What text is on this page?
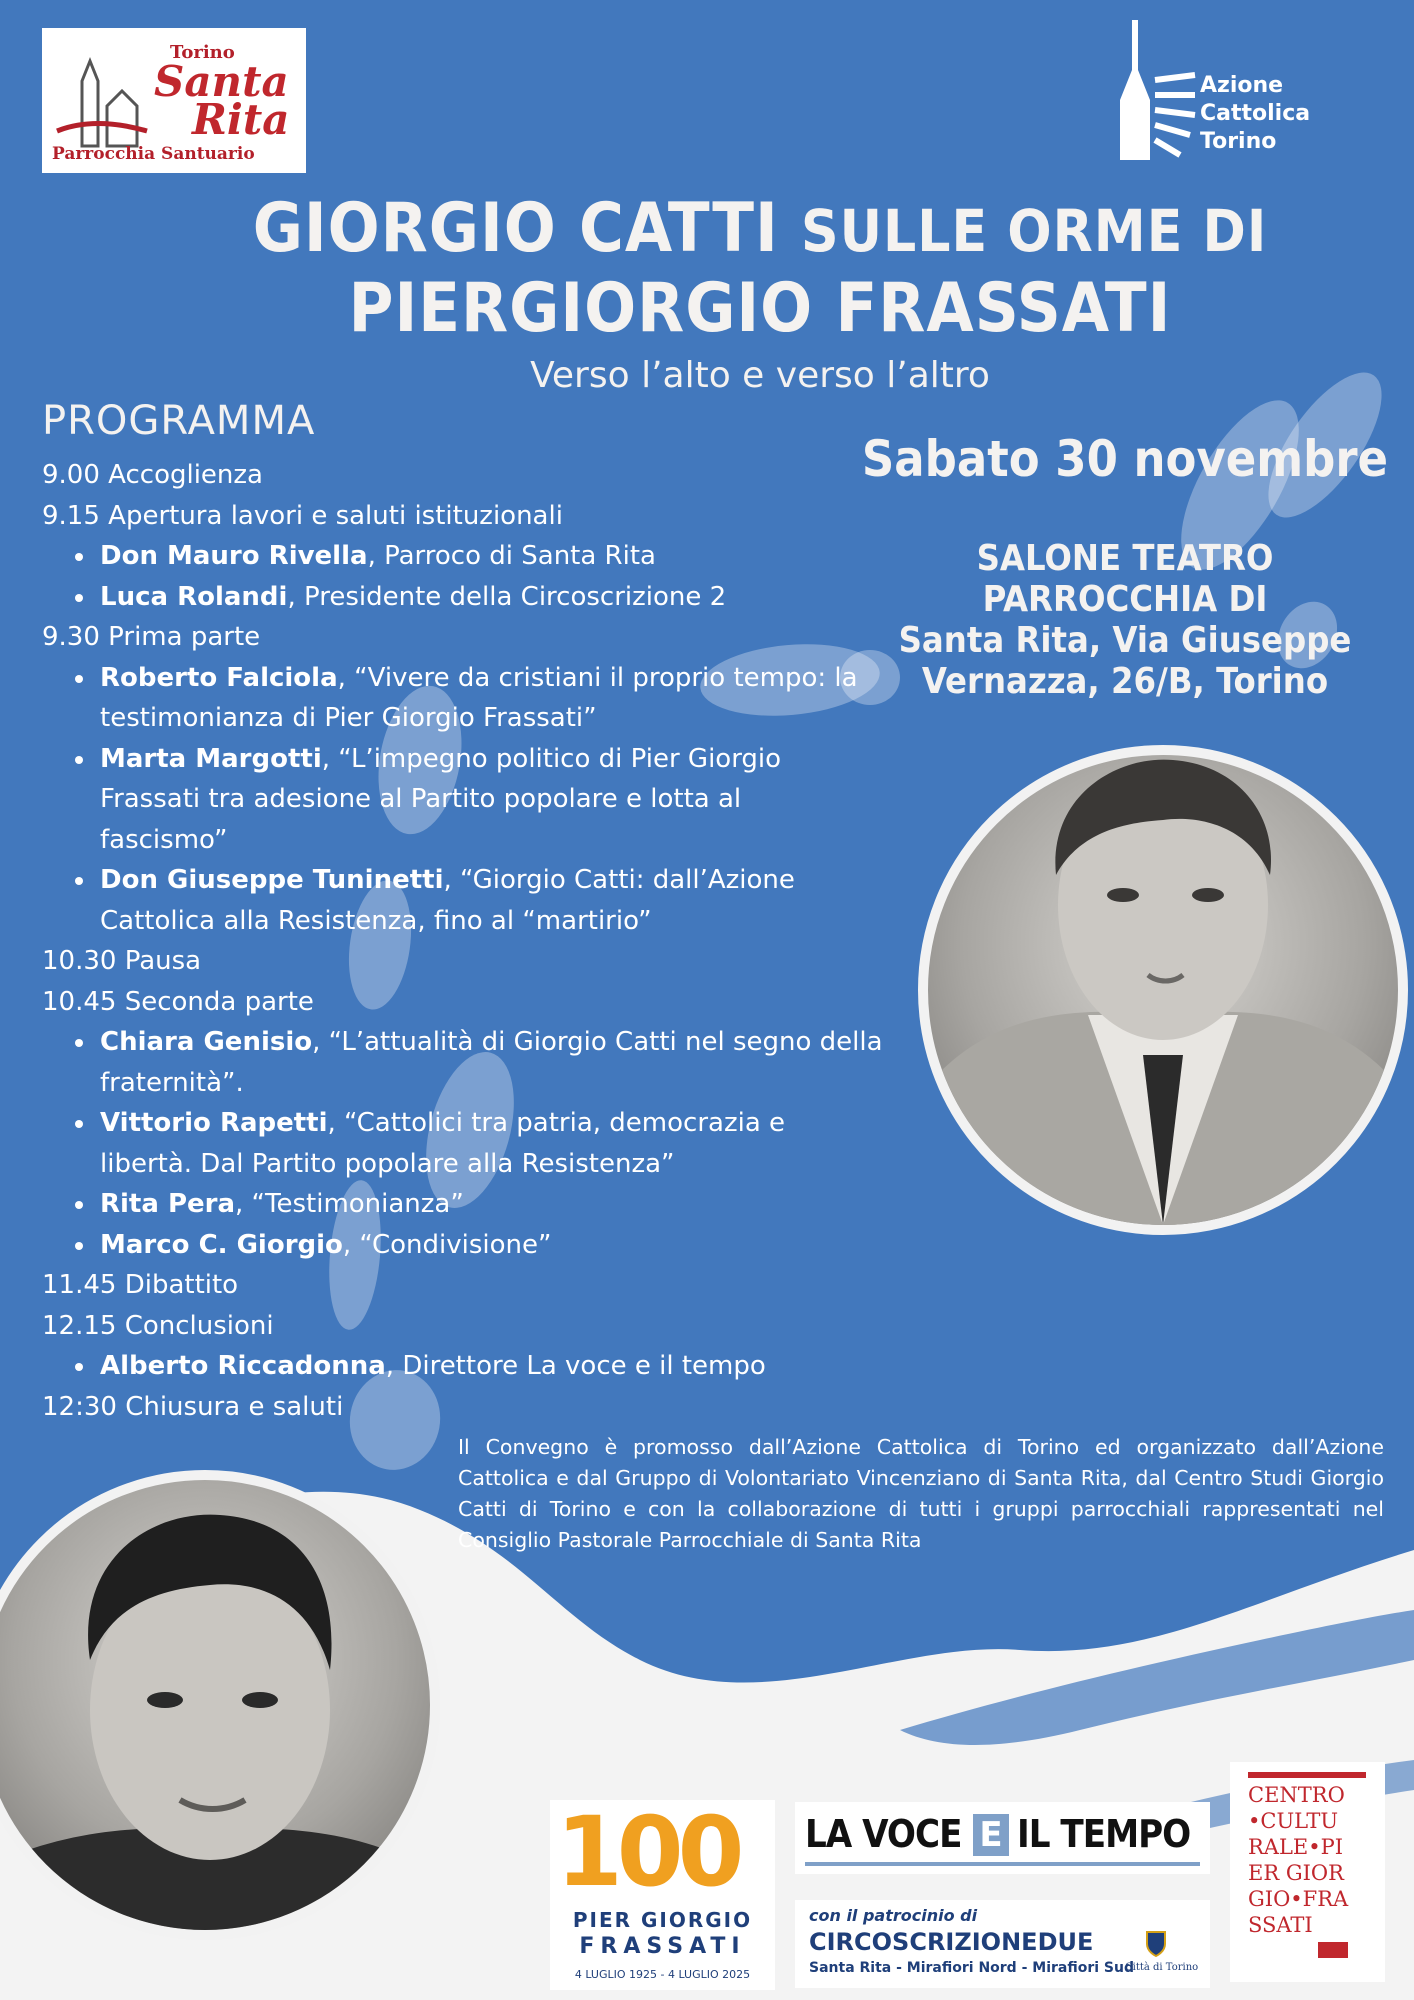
Torino
Santa
Rita
Parrocchia Santuario
Azione
Cattolica
Torino
GIORGIO CATTI SULLE ORME DI
PIERGIORGIO FRASSATI
Verso l’alto e verso l’altro
PROGRAMMA
9.00 Accoglienza
9.15 Apertura lavori e saluti istituzionali
Don Mauro Rivella, Parroco di Santa Rita
Luca Rolandi, Presidente della Circoscrizione 2
9.30 Prima parte
Roberto Falciola, “Vivere da cristiani il proprio tempo: la testimonianza di Pier Giorgio Frassati”
Marta Margotti, “L’impegno politico di Pier Giorgio Frassati tra adesione al Partito popolare e lotta al fascismo”
Don Giuseppe Tuninetti, “Giorgio Catti: dall’Azione Cattolica alla Resistenza, fino al “martirio”
10.30 Pausa
10.45 Seconda parte
Chiara Genisio, “L’attualità di Giorgio Catti nel segno della fraternità”.
Vittorio Rapetti, “Cattolici tra patria, democrazia e libertà. Dal Partito popolare alla Resistenza”
Rita Pera, “Testimonianza”
Marco C. Giorgio, “Condivisione”
11.45 Dibattito
12.15 Conclusioni
Alberto Riccadonna, Direttore La voce e il tempo
12:30 Chiusura e saluti
Sabato 30 novembre
SALONE TEATRO PARROCCHIA DI
Santa Rita, Via Giuseppe
Vernazza, 26/B, Torino
Il Convegno è promosso dall’Azione Cattolica di Torino ed organizzato dall’Azione Cattolica e dal Gruppo di Volontariato Vincenziano di Santa Rita, dal Centro Studi Giorgio Catti di Torino e con la collaborazione di tutti i gruppi parrocchiali rappresentati nel Consiglio Pastorale Parrocchiale di Santa Rita
100
PIER GIORGIO
FRASSATI
4 LUGLIO 1925 - 4 LUGLIO 2025
LA VOCE E IL TEMPO
con il patrocinio di
CIRCOSCRIZIONEDUE
Santa Rita - Mirafiori Nord - Mirafiori Sud
Città di Torino
CENTRO
•CULTU
RALE•PI
ER GIOR
GIO•FRA
SSATI
